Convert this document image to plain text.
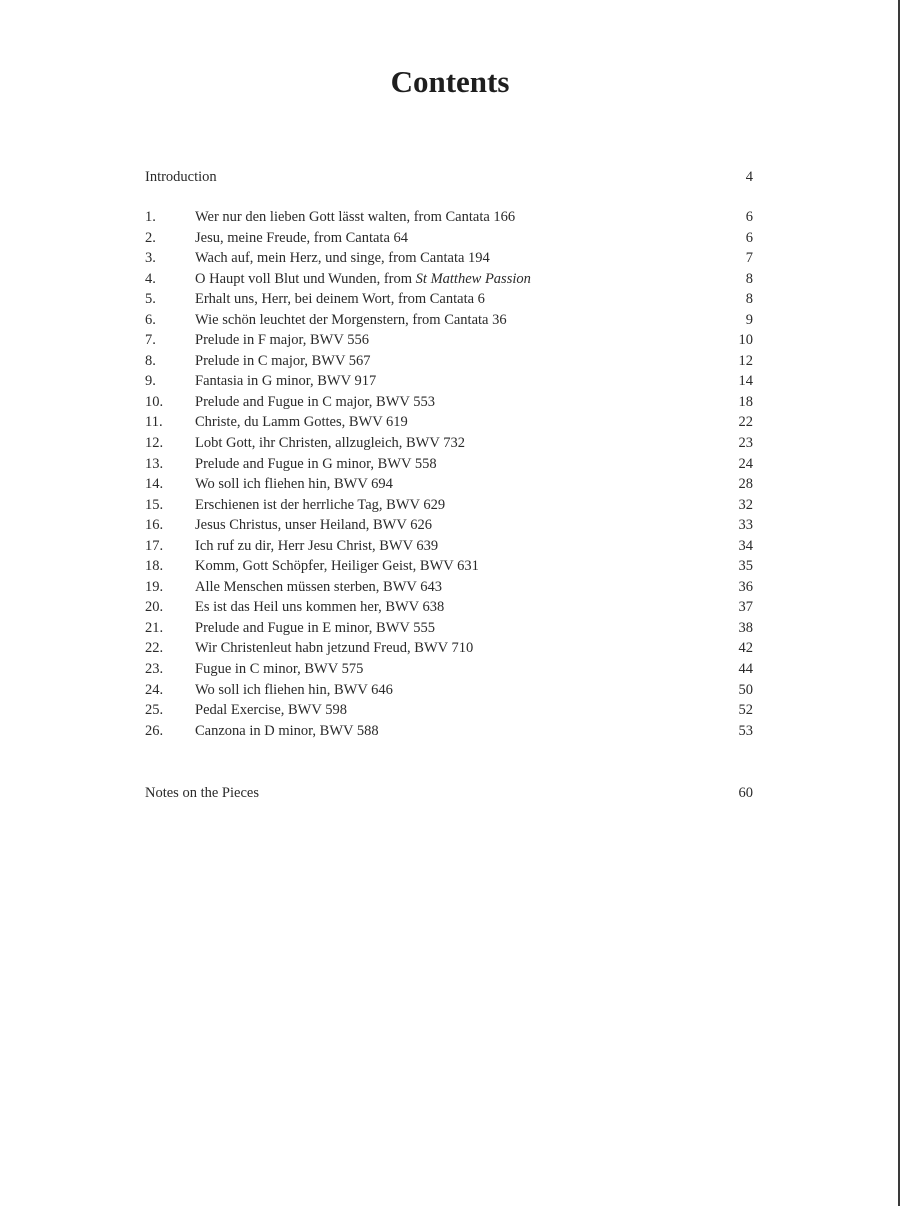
Contents
Introduction	4
1.	Wer nur den lieben Gott lässt walten, from Cantata 166	6
2.	Jesu, meine Freude, from Cantata 64	6
3.	Wach auf, mein Herz, und singe, from Cantata 194	7
4.	O Haupt voll Blut und Wunden, from St Matthew Passion	8
5.	Erhalt uns, Herr, bei deinem Wort, from Cantata 6	8
6.	Wie schön leuchtet der Morgenstern, from Cantata 36	9
7.	Prelude in F major, BWV 556	10
8.	Prelude in C major, BWV 567	12
9.	Fantasia in G minor, BWV 917	14
10.	Prelude and Fugue in C major, BWV 553	18
11.	Christe, du Lamm Gottes, BWV 619	22
12.	Lobt Gott, ihr Christen, allzugleich, BWV 732	23
13.	Prelude and Fugue in G minor, BWV 558	24
14.	Wo soll ich fliehen hin, BWV 694	28
15.	Erschienen ist der herrliche Tag, BWV 629	32
16.	Jesus Christus, unser Heiland, BWV 626	33
17.	Ich ruf zu dir, Herr Jesu Christ, BWV 639	34
18.	Komm, Gott Schöpfer, Heiliger Geist, BWV 631	35
19.	Alle Menschen müssen sterben, BWV 643	36
20.	Es ist das Heil uns kommen her, BWV 638	37
21.	Prelude and Fugue in E minor, BWV 555	38
22.	Wir Christenleut habn jetzund Freud, BWV 710	42
23.	Fugue in C minor, BWV 575	44
24.	Wo soll ich fliehen hin, BWV 646	50
25.	Pedal Exercise, BWV 598	52
26.	Canzona in D minor, BWV 588	53
Notes on the Pieces	60
